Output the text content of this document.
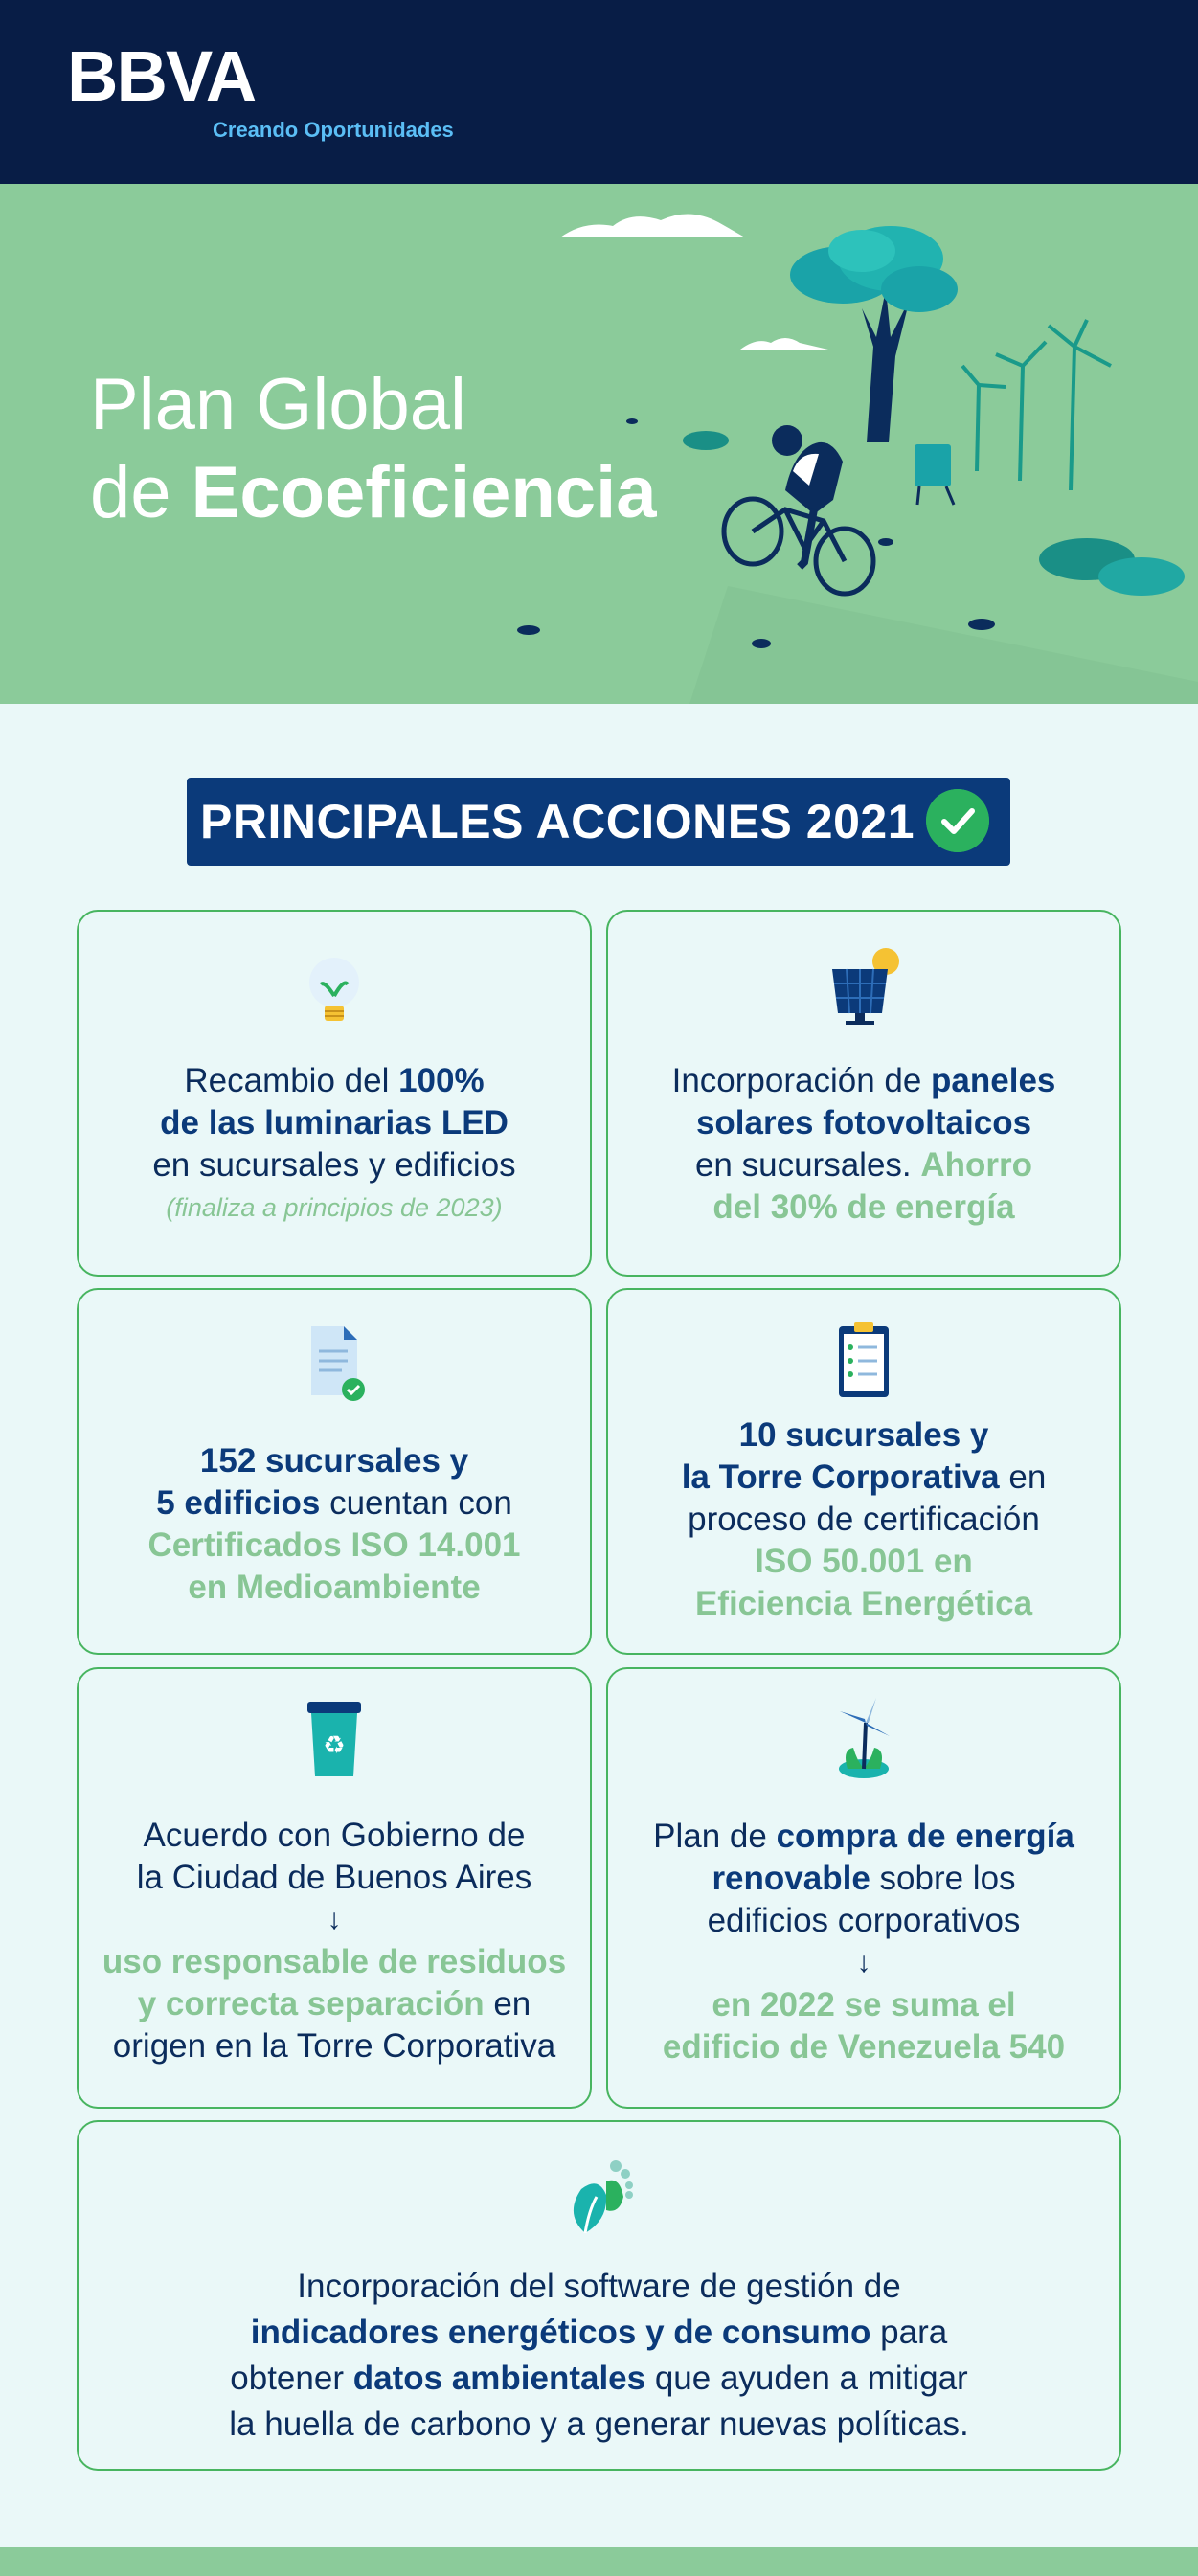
BBVA
Creando Oportunidades
Plan Global
de Ecoeficiencia
PRINCIPALES ACCIONES 2021
Recambio del 100%
de las luminarias LED
en sucursales y edificios
(finaliza a principios de 2023)
Incorporación de paneles
solares fotovoltaicos
en sucursales. Ahorro
del 30% de energía
152 sucursales y
5 edificios cuentan con
Certificados ISO 14.001
en Medioambiente
10 sucursales y
la Torre Corporativa en
proceso de certificación
ISO 50.001 en
Eficiencia Energética
♻
Acuerdo con Gobierno de
la Ciudad de Buenos Aires
↓
uso responsable de residuos
y correcta separación en
origen en la Torre Corporativa
Plan de compra de energía
renovable sobre los
edificios corporativos
↓
en 2022 se suma el
edificio de Venezuela 540
Incorporación del software de gestión de
indicadores energéticos y de consumo para
obtener datos ambientales que ayuden a mitigar
la huella de carbono y a generar nuevas políticas.
